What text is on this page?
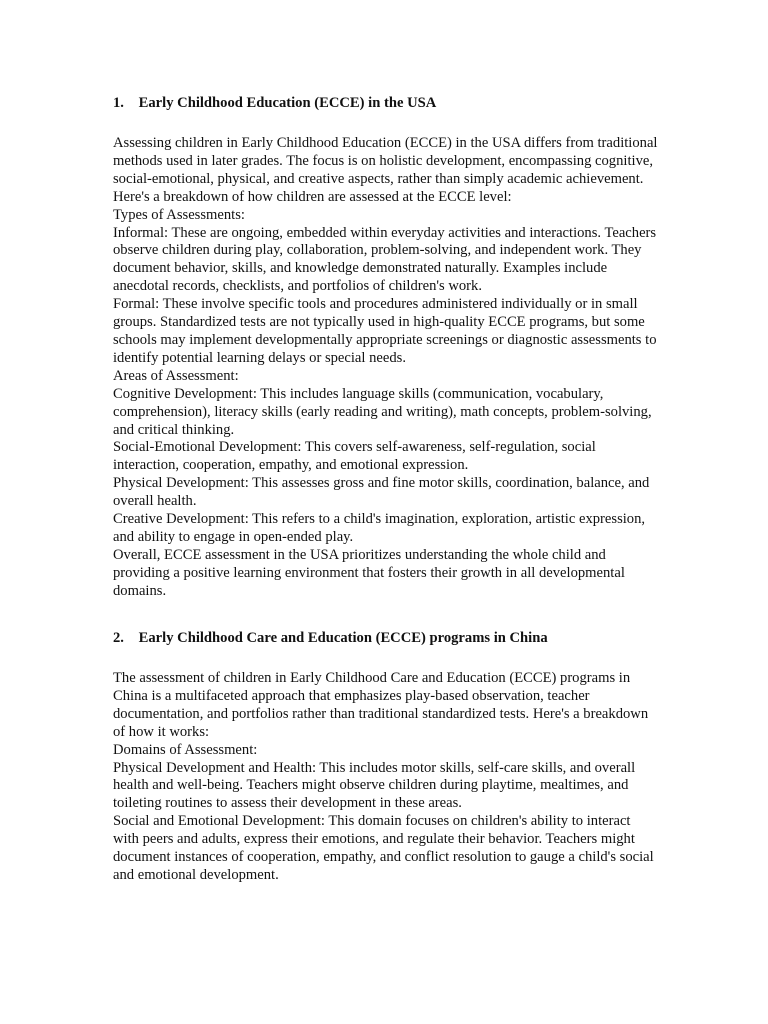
1. Early Childhood Education (ECCE) in the USA
Assessing children in Early Childhood Education (ECCE) in the USA differs from traditional
methods used in later grades. The focus is on holistic development, encompassing cognitive,
social-emotional, physical, and creative aspects, rather than simply academic achievement.
Here's a breakdown of how children are assessed at the ECCE level:
Types of Assessments:
Informal: These are ongoing, embedded within everyday activities and interactions. Teachers
observe children during play, collaboration, problem-solving, and independent work. They
document behavior, skills, and knowledge demonstrated naturally. Examples include
anecdotal records, checklists, and portfolios of children's work.
Formal: These involve specific tools and procedures administered individually or in small
groups. Standardized tests are not typically used in high-quality ECCE programs, but some
schools may implement developmentally appropriate screenings or diagnostic assessments to
identify potential learning delays or special needs.
Areas of Assessment:
Cognitive Development: This includes language skills (communication, vocabulary,
comprehension), literacy skills (early reading and writing), math concepts, problem-solving,
and critical thinking.
Social-Emotional Development: This covers self-awareness, self-regulation, social
interaction, cooperation, empathy, and emotional expression.
Physical Development: This assesses gross and fine motor skills, coordination, balance, and
overall health.
Creative Development: This refers to a child's imagination, exploration, artistic expression,
and ability to engage in open-ended play.
Overall, ECCE assessment in the USA prioritizes understanding the whole child and
providing a positive learning environment that fosters their growth in all developmental
domains.
2. Early Childhood Care and Education (ECCE) programs in China
The assessment of children in Early Childhood Care and Education (ECCE) programs in
China is a multifaceted approach that emphasizes play-based observation, teacher
documentation, and portfolios rather than traditional standardized tests. Here's a breakdown
of how it works:
Domains of Assessment:
Physical Development and Health: This includes motor skills, self-care skills, and overall
health and well-being. Teachers might observe children during playtime, mealtimes, and
toileting routines to assess their development in these areas.
Social and Emotional Development: This domain focuses on children's ability to interact
with peers and adults, express their emotions, and regulate their behavior. Teachers might
document instances of cooperation, empathy, and conflict resolution to gauge a child's social
and emotional development.
